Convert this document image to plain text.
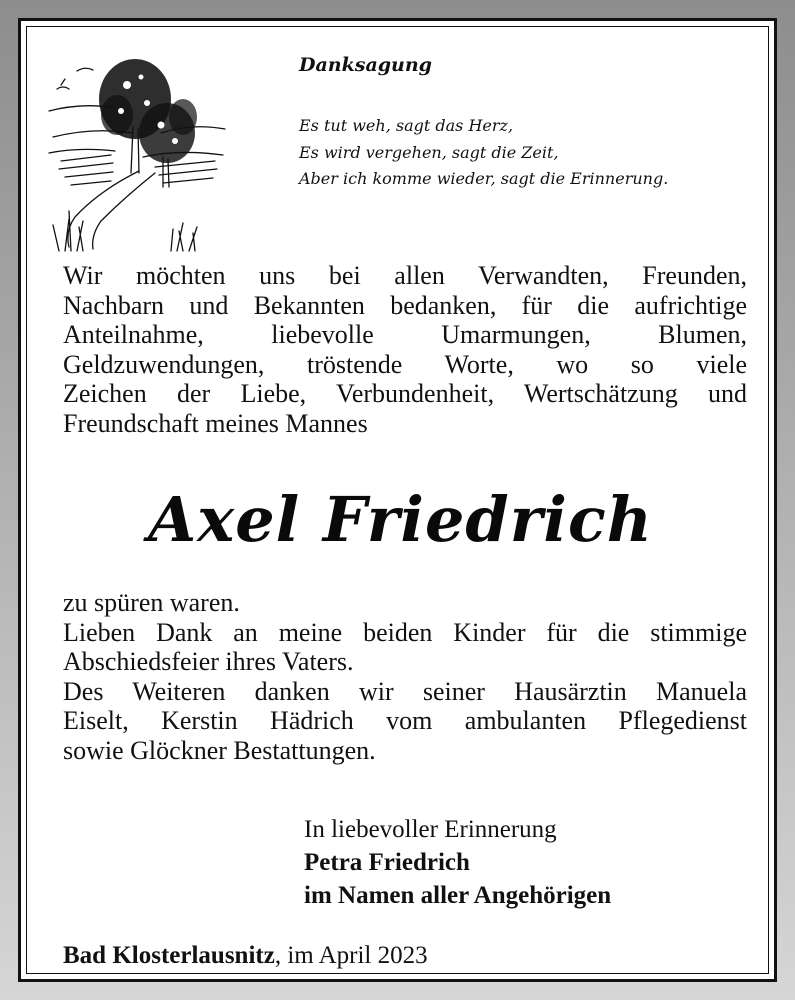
Danksagung
Es tut weh, sagt das Herz,
Es wird vergehen, sagt die Zeit,
Aber ich komme wieder, sagt die Erinnerung.
Wir möchten uns bei allen Verwandten, Freunden,
Nachbarn und Bekannten bedanken, für die aufrichtige
Anteilnahme, liebevolle Umarmungen, Blumen,
Geldzuwendungen, tröstende Worte, wo so viele
Zeichen der Liebe, Verbundenheit, Wertschätzung und
Freundschaft meines Mannes
Axel Friedrich
zu spüren waren.
Lieben Dank an meine beiden Kinder für die stimmige
Abschiedsfeier ihres Vaters.
Des Weiteren danken wir seiner Hausärztin Manuela
Eiselt, Kerstin Hädrich vom ambulanten Pflegedienst
sowie Glöckner Bestattungen.
In liebevoller Erinnerung
Petra Friedrich
im Namen aller Angehörigen
Bad Klosterlausnitz, im April 2023
